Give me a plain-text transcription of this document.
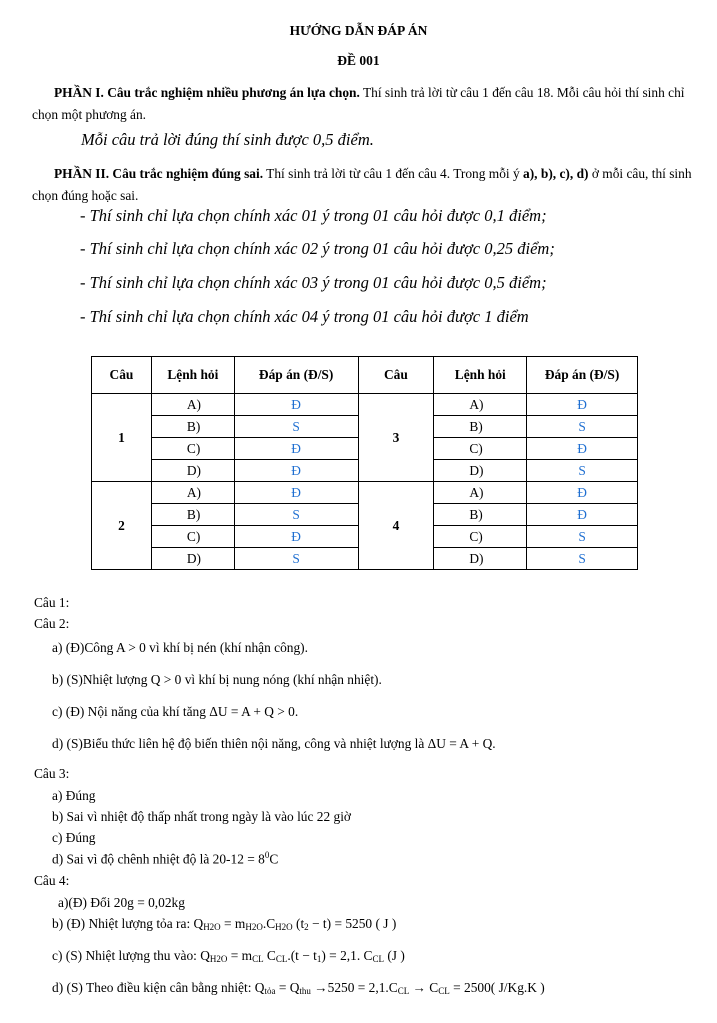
HƯỚNG DẪN ĐÁP ÁN
ĐỀ 001
PHẦN I. Câu trắc nghiệm nhiều phương án lựa chọn. Thí sinh trả lời từ câu 1 đến câu 18. Mỗi câu hỏi thí sinh chỉ chọn một phương án.
Mỗi câu trả lời đúng thí sinh được 0,5 điểm.
PHẦN II. Câu trắc nghiệm đúng sai. Thí sinh trả lời từ câu 1 đến câu 4. Trong mỗi ý a), b), c), d) ở mỗi câu, thí sinh chọn đúng hoặc sai.
- Thí sinh chỉ lựa chọn chính xác 01 ý trong 01 câu hỏi được 0,1 điểm;
- Thí sinh chỉ lựa chọn chính xác 02 ý trong 01 câu hỏi được 0,25 điểm;
- Thí sinh chỉ lựa chọn chính xác 03 ý trong 01 câu hỏi được 0,5 điểm;
- Thí sinh chỉ lựa chọn chính xác 04 ý trong 01 câu hỏi được 1 điểm
Câu	Lệnh hỏi	Đáp án (Đ/S)	Câu	Lệnh hỏi	Đáp án (Đ/S)
1	A)	Đ	3	A)	Đ
	B)	S		B)	S
	C)	Đ		C)	Đ
	D)	Đ		D)	S
2	A)	Đ	4	A)	Đ
	B)	S		B)	Đ
	C)	Đ		C)	S
	D)	S		D)	S
Câu 1:
Câu 2:
a) (Đ)Công A > 0 vì khí bị nén (khí nhận công).
b) (S)Nhiệt lượng Q > 0 vì khí bị nung nóng (khí nhận nhiệt).
c) (Đ) Nội năng của khí tăng ΔU = A + Q > 0.
d) (S)Biểu thức liên hệ độ biến thiên nội năng, công và nhiệt lượng là ΔU = A + Q.
Câu 3:
a) Đúng
b) Sai vì nhiệt độ thấp nhất trong ngày là vào lúc 22 giờ
c) Đúng
d) Sai vì độ chênh nhiệt độ là $20-12 = 8^0C$
Câu 4:
a)(Đ) Đổi 20g = 0,02kg
b) (Đ) Nhiệt lượng tỏa ra: $Q_{H2O} = m_{H2O}.C_{H2O}$ $(t_2 - t) = 5250$ ( J )
c) (S) Nhiệt lượng thu vào: $Q_{H2O} = m_{CL}$ $C_{CL}.(t - t_1) = 2,1$. $C_{CL}$ (J )
d) (S) Theo điều kiện cân bằng nhiệt: $Q_{tỏa} = Q_{thu} \to 5250 = 2,1.C_{CL} \to C_{CL} = 2500$( J/Kg.K )
